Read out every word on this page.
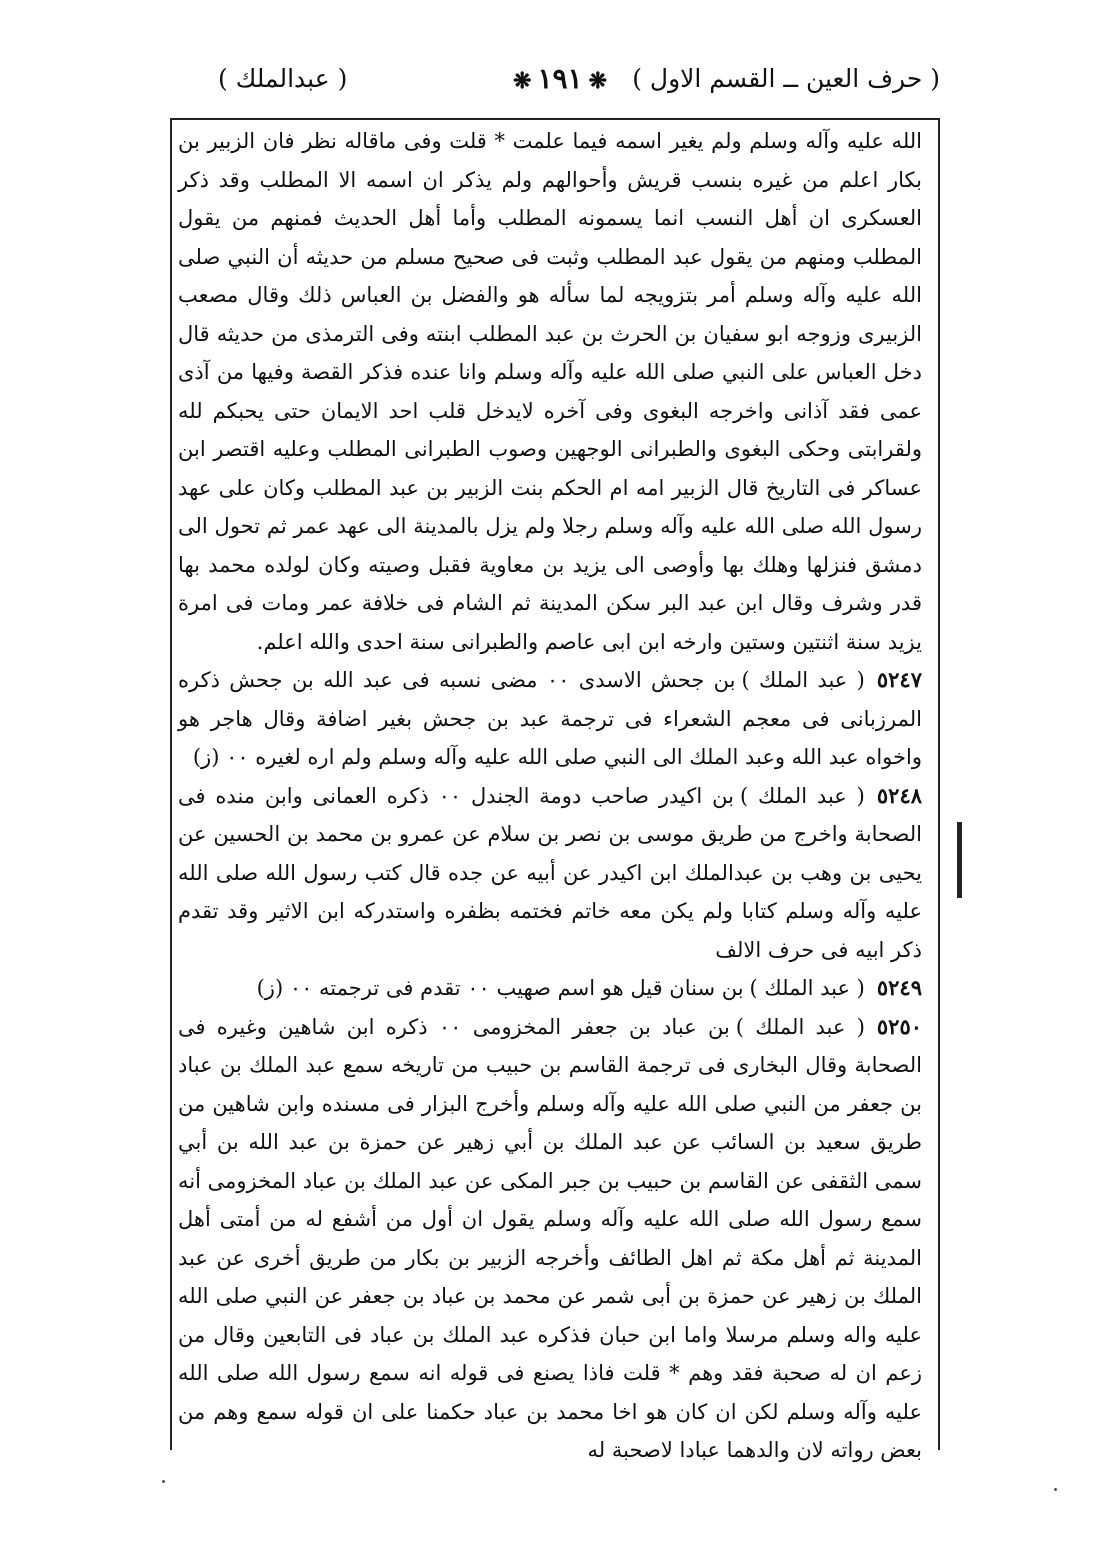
( حرف العين ــ القسم الاول )
❋ ١٩١ ❋
( عبدالملك )

الله عليه وآله وسلم ولم يغير اسمه فيما علمت * قلت وفى ماقاله نظر فان الزبير بن بكار اعلم من غيره بنسب قريش وأحوالهم ولم يذكر ان اسمه الا المطلب وقد ذكر العسكرى ان أهل النسب انما يسمونه المطلب وأما أهل الحديث فمنهم من يقول المطلب ومنهم من يقول عبد المطلب وثبت فى صحيح مسلم من حديثه أن النبي صلى الله عليه وآله وسلم أمر بتزويجه لما سأله هو والفضل بن العباس ذلك وقال مصعب الزبيرى وزوجه ابو سفيان بن الحرث بن عبد المطلب ابنته وفى الترمذى من حديثه قال دخل العباس على النبي صلى الله عليه وآله وسلم وانا عنده فذكر القصة وفيها من آذى عمى فقد آذانى واخرجه البغوى وفى آخره لايدخل قلب احد الايمان حتى يحبكم لله ولقرابتى وحكى البغوى والطبرانى الوجهين وصوب الطبرانى المطلب وعليه اقتصر ابن عساكر فى التاريخ قال الزبير امه ام الحكم بنت الزبير بن عبد المطلب وكان على عهد رسول الله صلى الله عليه وآله وسلم رجلا ولم يزل بالمدينة الى عهد عمر ثم تحول الى دمشق فنزلها وهلك بها وأوصى الى يزيد بن معاوية فقبل وصيته وكان لولده محمد بها قدر وشرف وقال ابن عبد البر سكن المدينة ثم الشام فى خلافة عمر ومات فى امرة يزيد سنة اثنتين وستين وارخه ابن ابى عاصم والطبرانى سنة احدى والله اعلم.

٥٢٤٧( عبد الملك )بن جحش الاسدى ٠٠ مضى نسبه فى عبد الله بن جحش ذكره المرزبانى فى معجم الشعراء فى ترجمة عبد بن جحش بغير اضافة وقال هاجر هو واخواه عبد الله وعبد الملك الى النبي صلى الله عليه وآله وسلم ولم اره لغيره ٠٠ (ز)

٥٢٤٨( عبد الملك )بن اكيدر صاحب دومة الجندل ٠٠ ذكره العمانى وابن منده فى الصحابة واخرج من طريق موسى بن نصر بن سلام عن عمرو بن محمد بن الحسين عن يحيى بن وهب بن عبدالملك ابن اكيدر عن أبيه عن جده قال كتب رسول الله صلى الله عليه وآله وسلم كتابا ولم يكن معه خاتم فختمه بظفره واستدركه ابن الاثير وقد تقدم ذكر ابيه فى حرف الالف

٥٢٤٩( عبد الملك )بن سنان قيل هو اسم صهيب ٠٠ تقدم فى ترجمته ٠٠ (ز)

٥٢٥٠( عبد الملك )بن عباد بن جعفر المخزومى ٠٠ ذكره ابن شاهين وغيره فى الصحابة وقال البخارى فى ترجمة القاسم بن حبيب من تاريخه سمع عبد الملك بن عباد بن جعفر من النبي صلى الله عليه وآله وسلم وأخرج البزار فى مسنده وابن شاهين من طريق سعيد بن السائب عن عبد الملك بن أبي زهير عن حمزة بن عبد الله بن أبي سمى الثقفى عن القاسم بن حبيب بن جبر المكى عن عبد الملك بن عباد المخزومى أنه سمع رسول الله صلى الله عليه وآله وسلم يقول ان أول من أشفع له من أمتى أهل المدينة ثم أهل مكة ثم اهل الطائف وأخرجه الزبير بن بكار من طريق أخرى عن عبد الملك بن زهير عن حمزة بن أبى شمر عن محمد بن عباد بن جعفر عن النبي صلى الله عليه واله وسلم مرسلا واما ابن حبان فذكره عبد الملك بن عباد فى التابعين وقال من زعم ان له صحبة فقد وهم * قلت فاذا يصنع فى قوله انه سمع رسول الله صلى الله عليه وآله وسلم لكن ان كان هو اخا محمد بن عباد حكمنا على ان قوله سمع وهم من بعض رواته لان والدهما عبادا لاصحبة له
